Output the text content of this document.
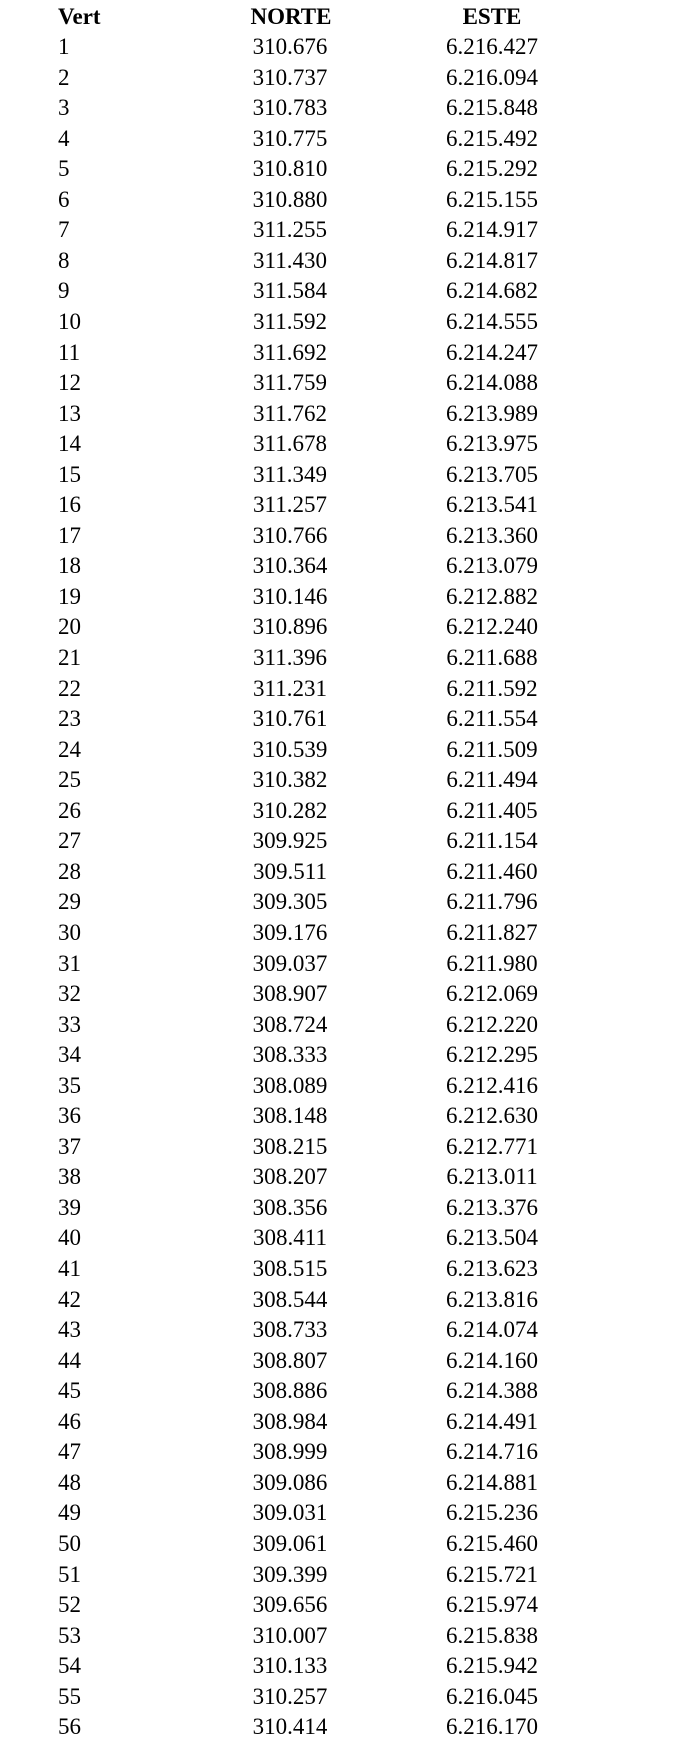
Vert	NORTE	ESTE
1	310.676	6.216.427
2	310.737	6.216.094
3	310.783	6.215.848
4	310.775	6.215.492
5	310.810	6.215.292
6	310.880	6.215.155
7	311.255	6.214.917
8	311.430	6.214.817
9	311.584	6.214.682
10	311.592	6.214.555
11	311.692	6.214.247
12	311.759	6.214.088
13	311.762	6.213.989
14	311.678	6.213.975
15	311.349	6.213.705
16	311.257	6.213.541
17	310.766	6.213.360
18	310.364	6.213.079
19	310.146	6.212.882
20	310.896	6.212.240
21	311.396	6.211.688
22	311.231	6.211.592
23	310.761	6.211.554
24	310.539	6.211.509
25	310.382	6.211.494
26	310.282	6.211.405
27	309.925	6.211.154
28	309.511	6.211.460
29	309.305	6.211.796
30	309.176	6.211.827
31	309.037	6.211.980
32	308.907	6.212.069
33	308.724	6.212.220
34	308.333	6.212.295
35	308.089	6.212.416
36	308.148	6.212.630
37	308.215	6.212.771
38	308.207	6.213.011
39	308.356	6.213.376
40	308.411	6.213.504
41	308.515	6.213.623
42	308.544	6.213.816
43	308.733	6.214.074
44	308.807	6.214.160
45	308.886	6.214.388
46	308.984	6.214.491
47	308.999	6.214.716
48	309.086	6.214.881
49	309.031	6.215.236
50	309.061	6.215.460
51	309.399	6.215.721
52	309.656	6.215.974
53	310.007	6.215.838
54	310.133	6.215.942
55	310.257	6.216.045
56	310.414	6.216.170
